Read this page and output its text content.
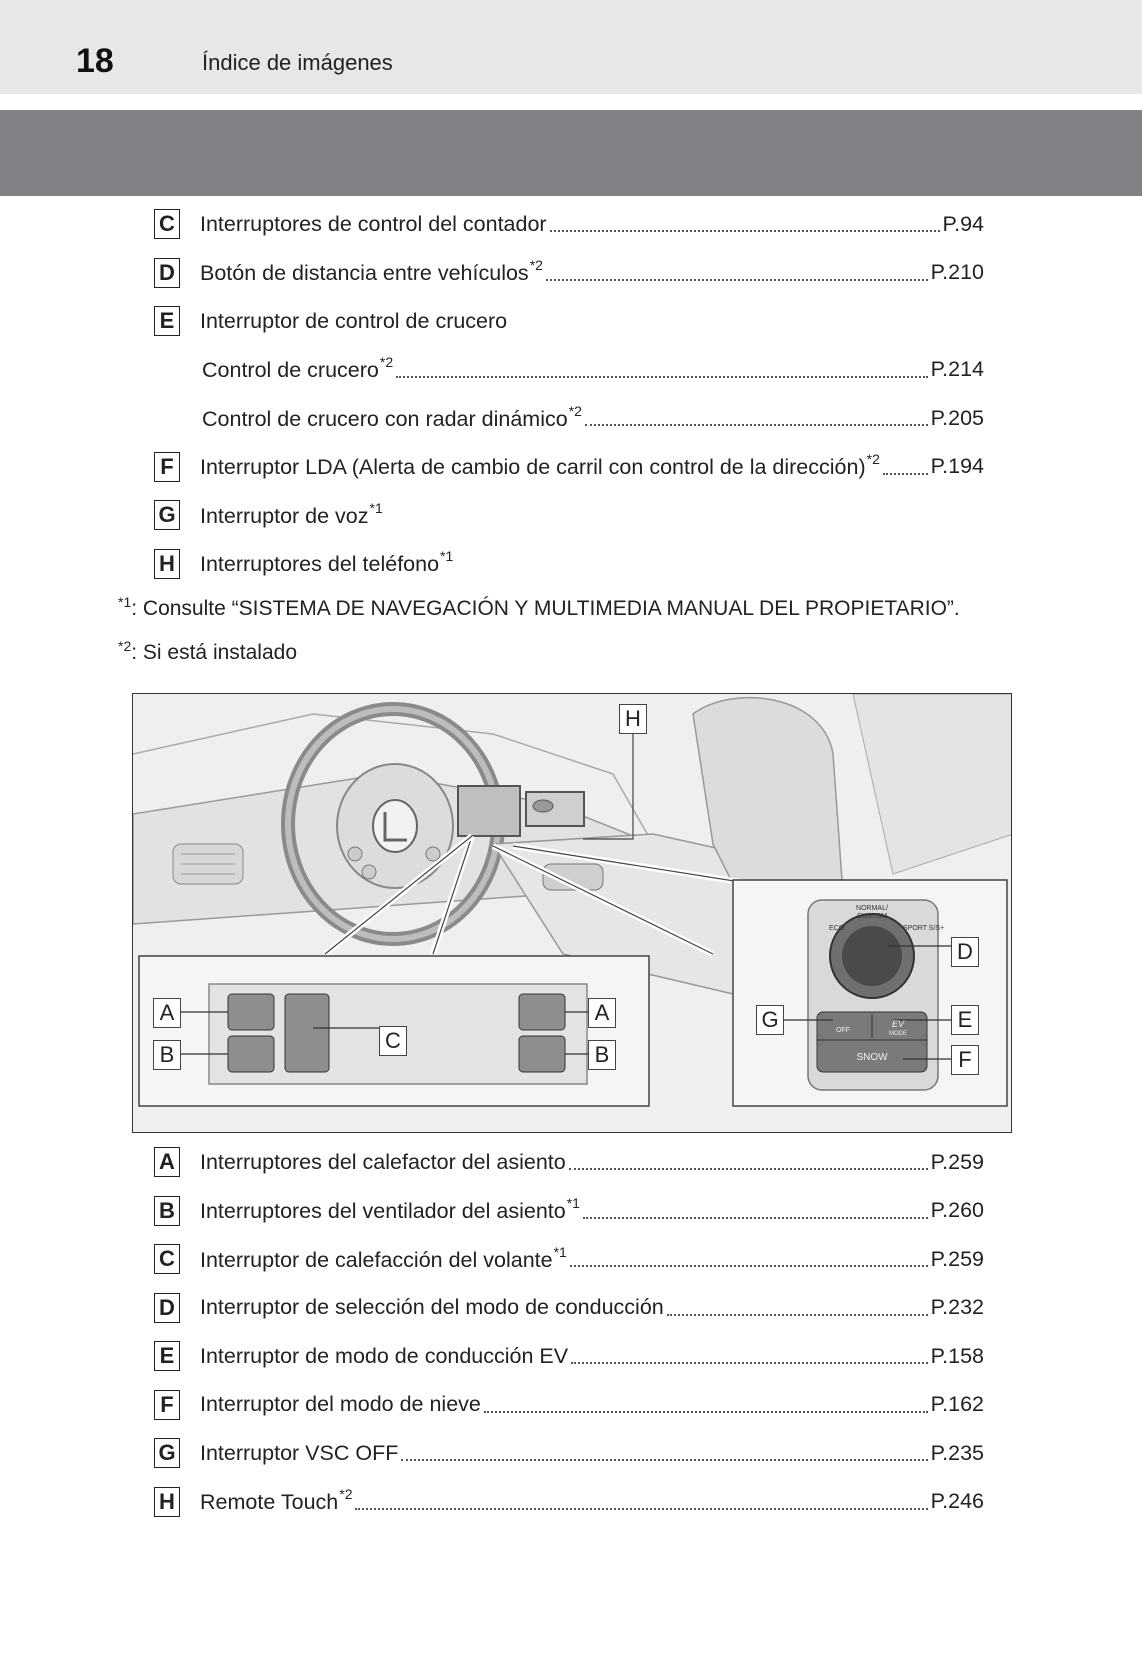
18	Índice de imágenes
C Interruptores de control del contador	P.94
D Botón de distancia entre vehículos$^{*2}$	P.210
E Interruptor de control de crucero
Control de crucero$^{*2}$	P.214
Control de crucero con radar dinámico$^{*2}$	P.205
F Interruptor LDA (Alerta de cambio de carril con control de la dirección)$^{*2}$ P.194
G Interruptor de voz$^{*1}$
H Interruptores del teléfono$^{*1}$
$^{*1}$: Consulte “SISTEMA DE NAVEGACIÓN Y MULTIMEDIA MANUAL DEL PROPIETARIO”.
$^{*2}$: Si está instalado
NORMAL/
CUSTOM
ECO	SPORT S/S+
OFF
EV
MODE
SNOW
H
A
B
C
A
B
D
G	E
F
A Interruptores del calefactor del asiento	P.259
B Interruptores del ventilador del asiento$^{*1}$	P.260
C Interruptor de calefacción del volante$^{*1}$	P.259
D Interruptor de selección del modo de conducción	P.232
E Interruptor de modo de conducción EV	P.158
F Interruptor del modo de nieve	P.162
G Interruptor VSC OFF	P.235
H Remote Touch$^{*2}$	P.246
